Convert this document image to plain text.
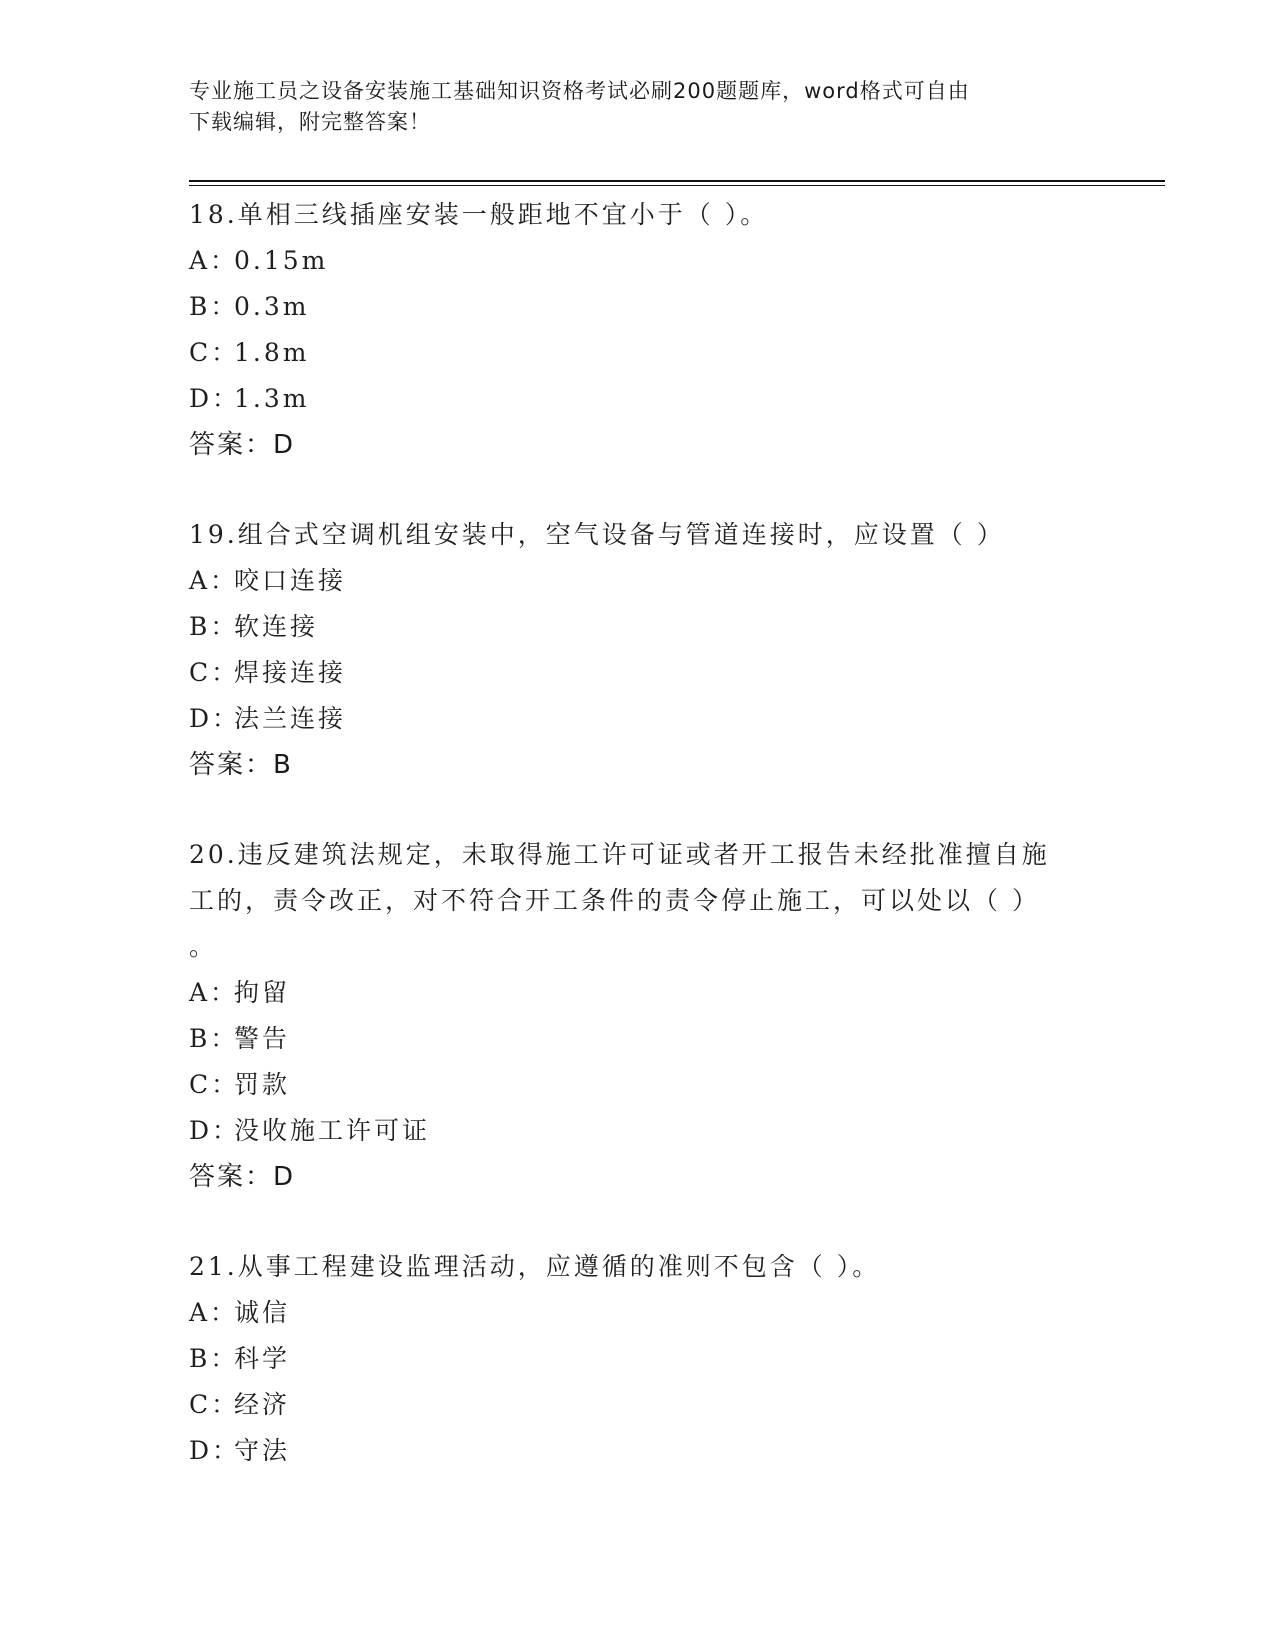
专业施工员之设备安装施工基础知识资格考试必刷200题题库，word格式可自由
下载编辑，附完整答案！
18.单相三线插座安装一般距地不宜小于（ ）。
A：
0.15m
B：
0.3m
C：
1.8m
D：
1.3m
答案：D
19.组合式空调机组安装中，空气设备与管道连接时，应设置（ ）
A：
咬口连接
B：
软连接
C：
焊接连接
D：
法兰连接
答案：B
20.违反建筑法规定，未取得施工许可证或者开工报告未经批准擅自施
工的，责令改正，对不符合开工条件的责令停止施工，可以处以（ ）
。
A：
拘留
B：
警告
C：
罚款
D：
没收施工许可证
答案：D
21.从事工程建设监理活动，应遵循的准则不包含（ ）。
A：
诚信
B：
科学
C：
经济
D：
守法
